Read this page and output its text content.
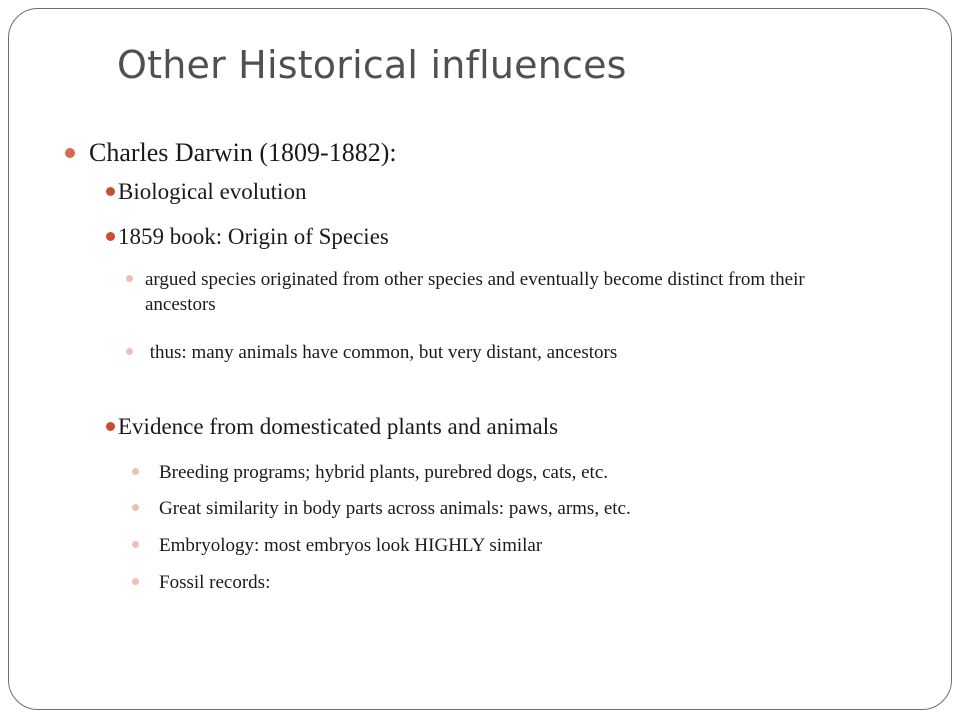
Other Historical influences
Charles Darwin (1809-1882):
Biological evolution
1859 book: Origin of Species
argued species originated from other species and eventually become distinct from their ancestors
thus: many animals have common, but very distant, ancestors
Evidence from domesticated plants and animals
Breeding programs; hybrid plants, purebred dogs, cats, etc.
Great similarity in body parts across animals: paws, arms, etc.
Embryology: most embryos look HIGHLY similar
Fossil records:
